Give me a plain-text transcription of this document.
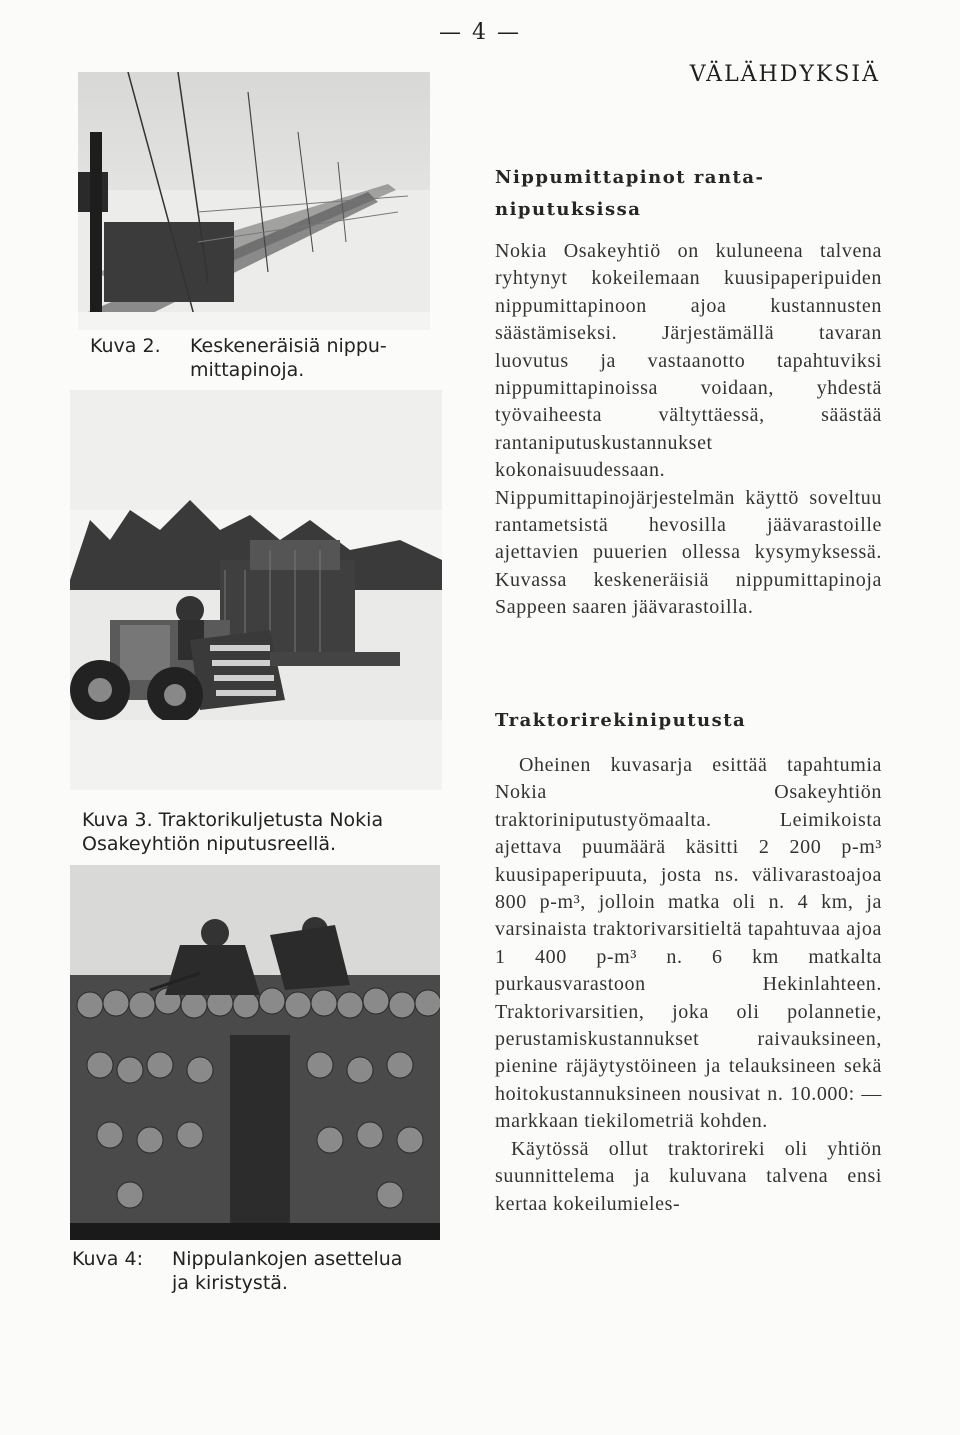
— 4 —
VÄLÄHDYKSIÄ
Kuva 2. Keskeneräisiä nippu-
mittapinoja.
Kuva 3. Traktorikuljetusta Nokia
Osakeyhtiön niputusreellä.
Kuva 4: Nippulankojen asettelua
ja kiristystä.
Nippumittapinot ranta-
niputuksissa

Nokia Osakeyhtiö on kuluneena talvena ryhtynyt kokeilemaan kuusipaperipuiden nippumittapinoon ajoa kustannusten säästämiseksi. Järjestämällä tavaran luovutus ja vastaanotto tapahtuviksi nippumittapinoissa voidaan, yhdestä työvaiheesta vältyttäessä, säästää rantaniputuskustannukset kokonaisuudessaan. Nippumittapinojärjestelmän käyttö soveltuu rantametsistä hevosilla jäävarastoille ajettavien puuerien ollessa kysymyksessä. Kuvassa keskeneräisiä nippumittapinoja Sappeen saaren jäävarastoilla.

Traktorirekiniputusta

Oheinen kuvasarja esittää tapahtumia Nokia Osakeyhtiön traktoriniputustyömaalta. Leimikoista ajettava puumäärä käsitti 2 200 p-m³ kuusipaperipuuta, josta ns. välivarastoajoa 800 p-m³, jolloin matka oli n. 4 km, ja varsinaista traktorivarsitieltä tapahtuvaa ajoa 1 400 p-m³ n. 6 km matkalta purkausvarastoon Hekinlahteen. Traktorivarsitien, joka oli polannetie, perustamiskustannukset raivauksineen, pienine räjäytystöineen ja telauksineen sekä hoitokustannuksineen nousivat n. 10.000: — markkaan tiekilometriä kohden.

Käytössä ollut traktorireki oli yhtiön suunnittelema ja kuluvana talvena ensi kertaa kokeilumieles-
